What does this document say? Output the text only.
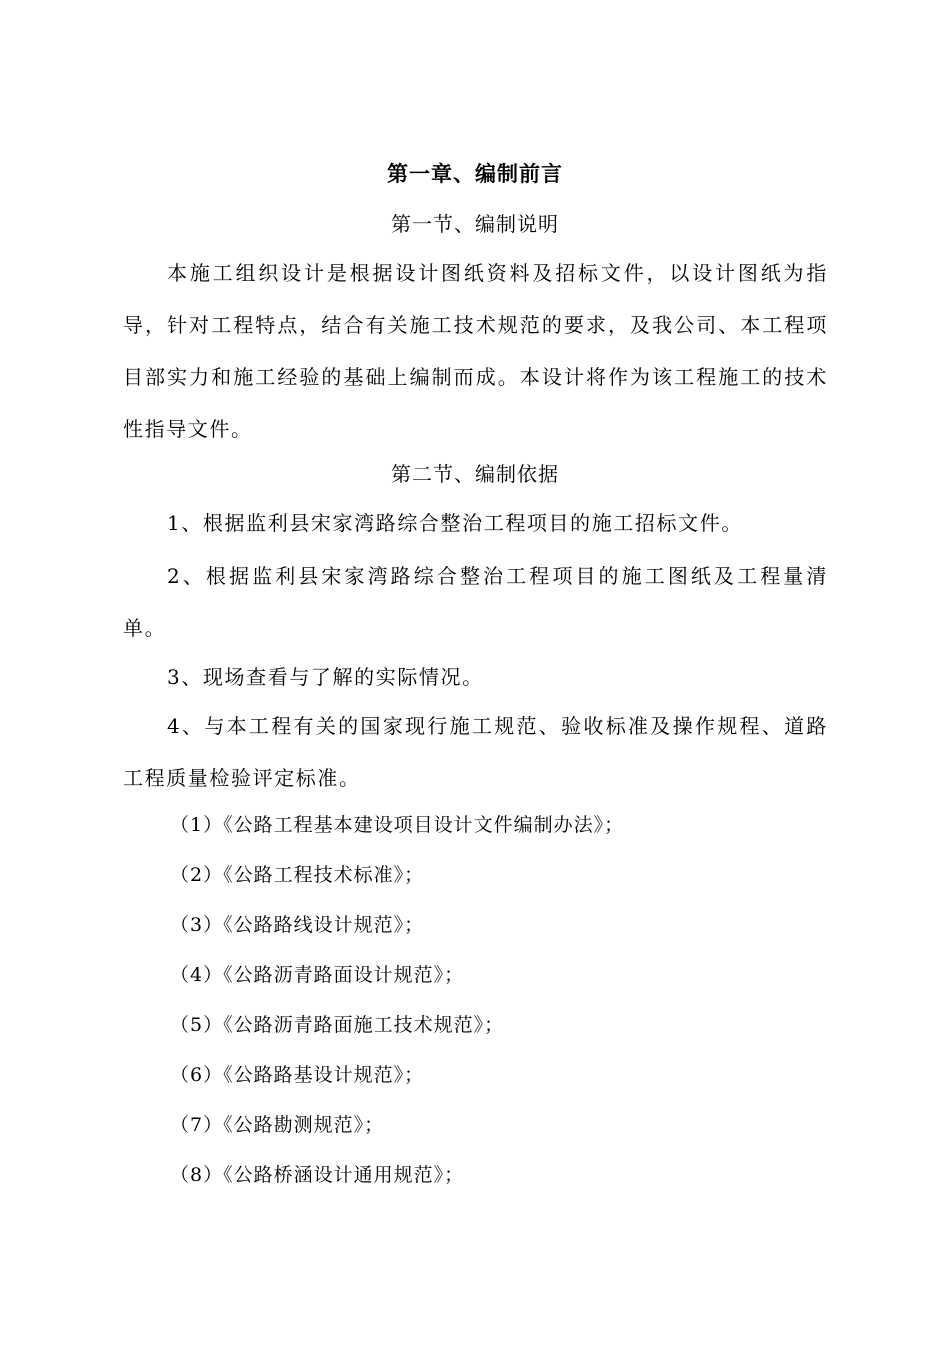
第一章、编制前言
第一节、编制说明

本施工组织设计是根据设计图纸资料及招标文件，以设计图纸为指导，针对工程特点，结合有关施工技术规范的要求，及我公司、本工程项目部实力和施工经验的基础上编制而成。本设计将作为该工程施工的技术性指导文件。

第二节、编制依据

1、根据监利县宋家湾路综合整治工程项目的施工招标文件。

2、根据监利县宋家湾路综合整治工程项目的施工图纸及工程量清单。

3、现场查看与了解的实际情况。

4、与本工程有关的国家现行施工规范、验收标准及操作规程、道路工程质量检验评定标准。

（1）《公路工程基本建设项目设计文件编制办法》；

（2）《公路工程技术标准》；

（3）《公路路线设计规范》；

（4）《公路沥青路面设计规范》；

（5）《公路沥青路面施工技术规范》；

（6）《公路路基设计规范》；

（7）《公路勘测规范》；

（8）《公路桥涵设计通用规范》；
